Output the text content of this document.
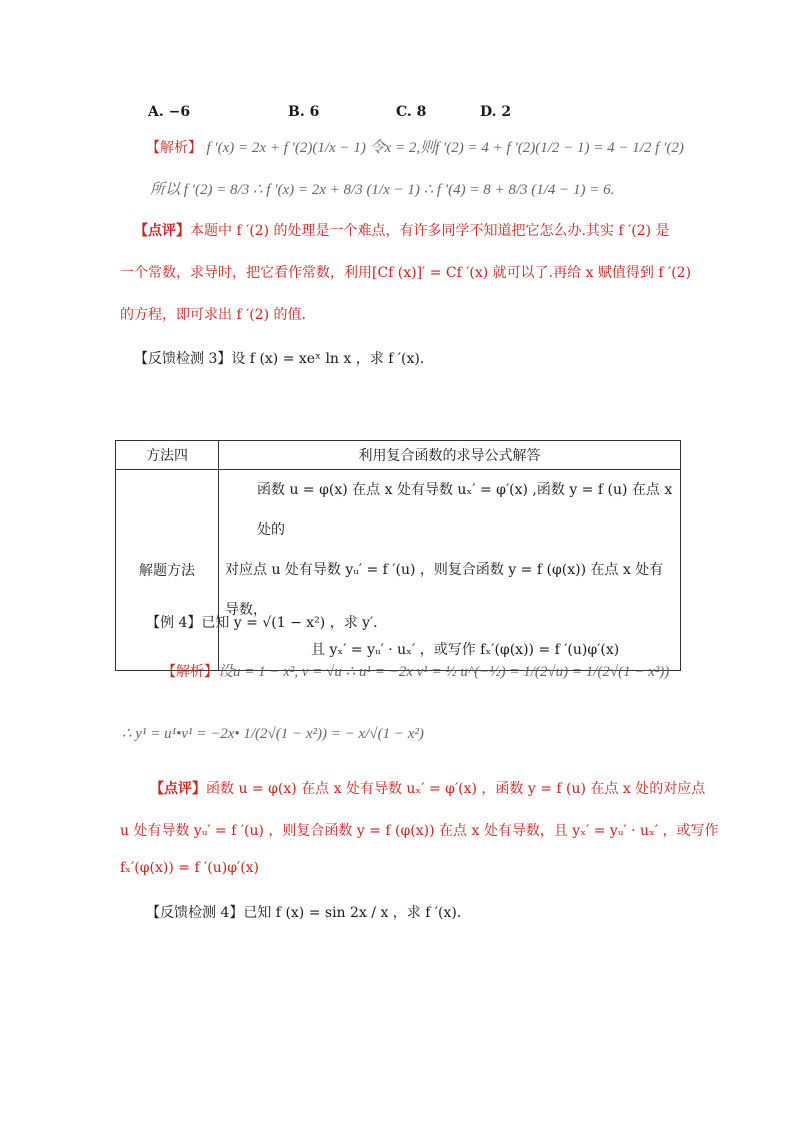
A. −6	B. 6	C. 8	D. 2
【解析】 f ′(x) = 2x + f ′(2)(1/x − 1) 令x = 2,则f ′(2) = 4 + f ′(2)(1/2 − 1) = 4 − 1/2 f ′(2)
所以 f ′(2) = 8/3 ∴ f ′(x) = 2x + 8/3 (1/x − 1) ∴ f ′(4) = 8 + 8/3 (1/4 − 1) = 6.
【点评】本题中 f ′(2) 的处理是一个难点，有许多同学不知道把它怎么办.其实 f ′(2) 是
一个常数，求导时，把它看作常数，利用[Cf (x)]′ = Cf ′(x) 就可以了.再给 x 赋值得到 f ′(2)
的方程，即可求出 f ′(2) 的值.
【反馈检测 3】设 f (x) = xeˣ ln x ，求 f ′(x)．
方法四	利用复合函数的求导公式解答
解题方法	函数 u = φ(x) 在点 x 处有导数 uₓ′ = φ′(x) ,函数 y = f (u) 在点 x 处的
对应点 u 处有导数 yᵤ′ = f ′(u) ，则复合函数 y = f (φ(x)) 在点 x 处有导数，
且 yₓ′ = yᵤ′ · uₓ′ ，或写作 fₓ′(φ(x)) = f ′(u)φ′(x)
【例 4】已知 y = √(1 − x²) ，求 y′．
【解析】设u = 1 − x², v = √u ∴ u¹ = −2x v¹ = ½ u^(−½) = 1/(2√u) = 1/(2√(1 − x²))
∴ y¹ = u¹•v¹ = −2x• 1/(2√(1 − x²)) = − x/√(1 − x²)
【点评】函数 u = φ(x) 在点 x 处有导数 uₓ′ = φ′(x) ，函数 y = f (u) 在点 x 处的对应点
u 处有导数 yᵤ′ = f ′(u) ，则复合函数 y = f (φ(x)) 在点 x 处有导数，且 yₓ′ = yᵤ′ · uₓ′ ，或写作
fₓ′(φ(x)) = f ′(u)φ′(x)
【反馈检测 4】已知 f (x) = sin 2x / x ，求 f ′(x)．
